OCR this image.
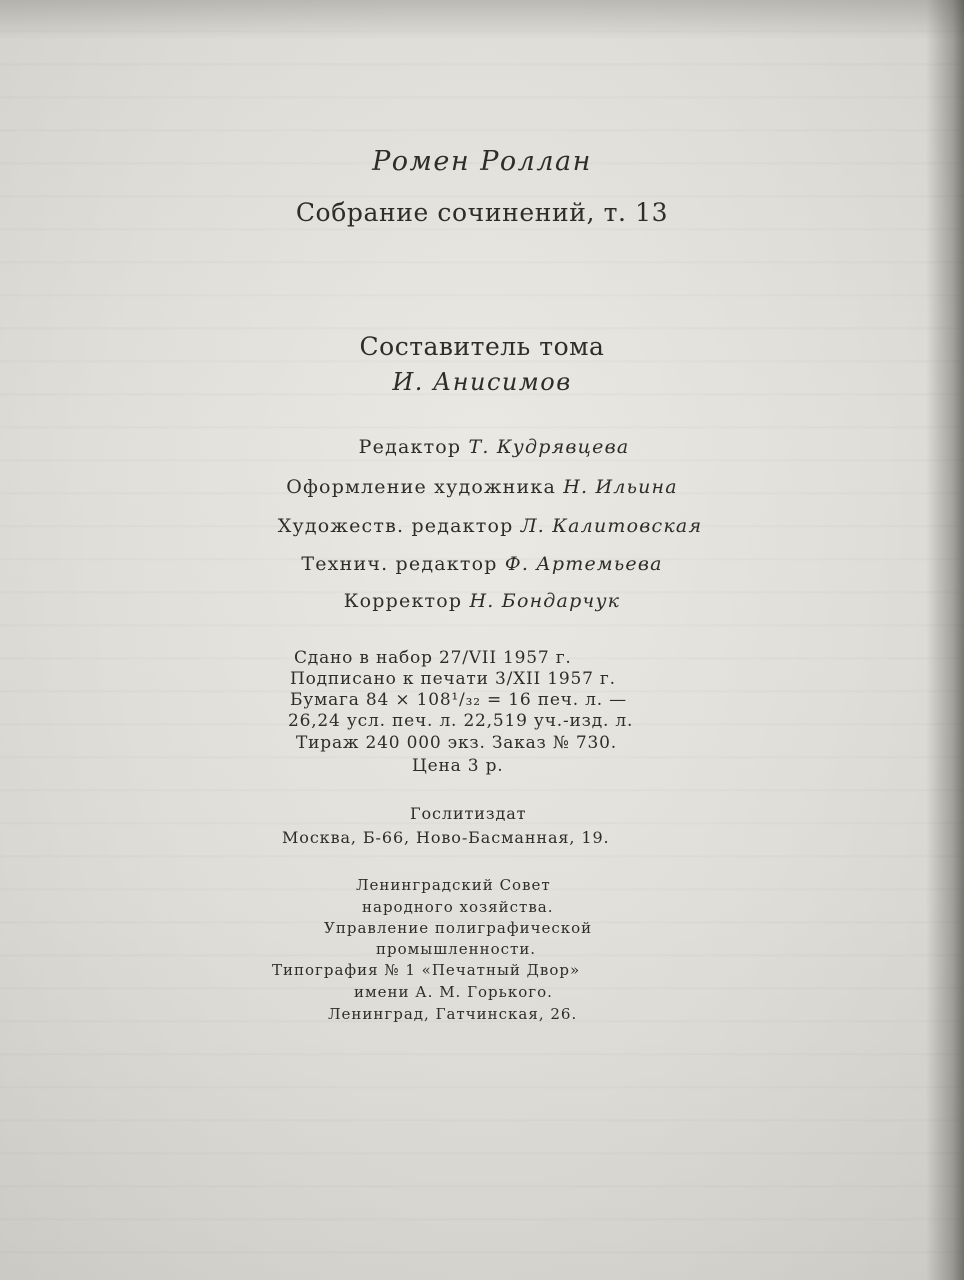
Ромен Роллан
Собрание сочинений, т. 13
Составитель тома
И. Анисимов
Редактор Т. Кудрявцева
Оформление художника Н. Ильина
Художеств. редактор Л. Калитовская
Технич. редактор Ф. Артемьева
Корректор Н. Бондарчук
Сдано в набор 27/VII 1957 г.
Подписано к печати 3/XII 1957 г.
Бумага 84 × 108¹/₃₂ = 16 печ. л. —
26,24 усл. печ. л. 22,519 уч.-изд. л.
Тираж 240 000 экз. Заказ № 730.
Цена 3 р.
Гослитиздат
Москва, Б-66, Ново-Басманная, 19.
Ленинградский Совет
народного хозяйства.
Управление полиграфической
промышленности.
Типография № 1 «Печатный Двор»
имени А. М. Горького.
Ленинград, Гатчинская, 26.
